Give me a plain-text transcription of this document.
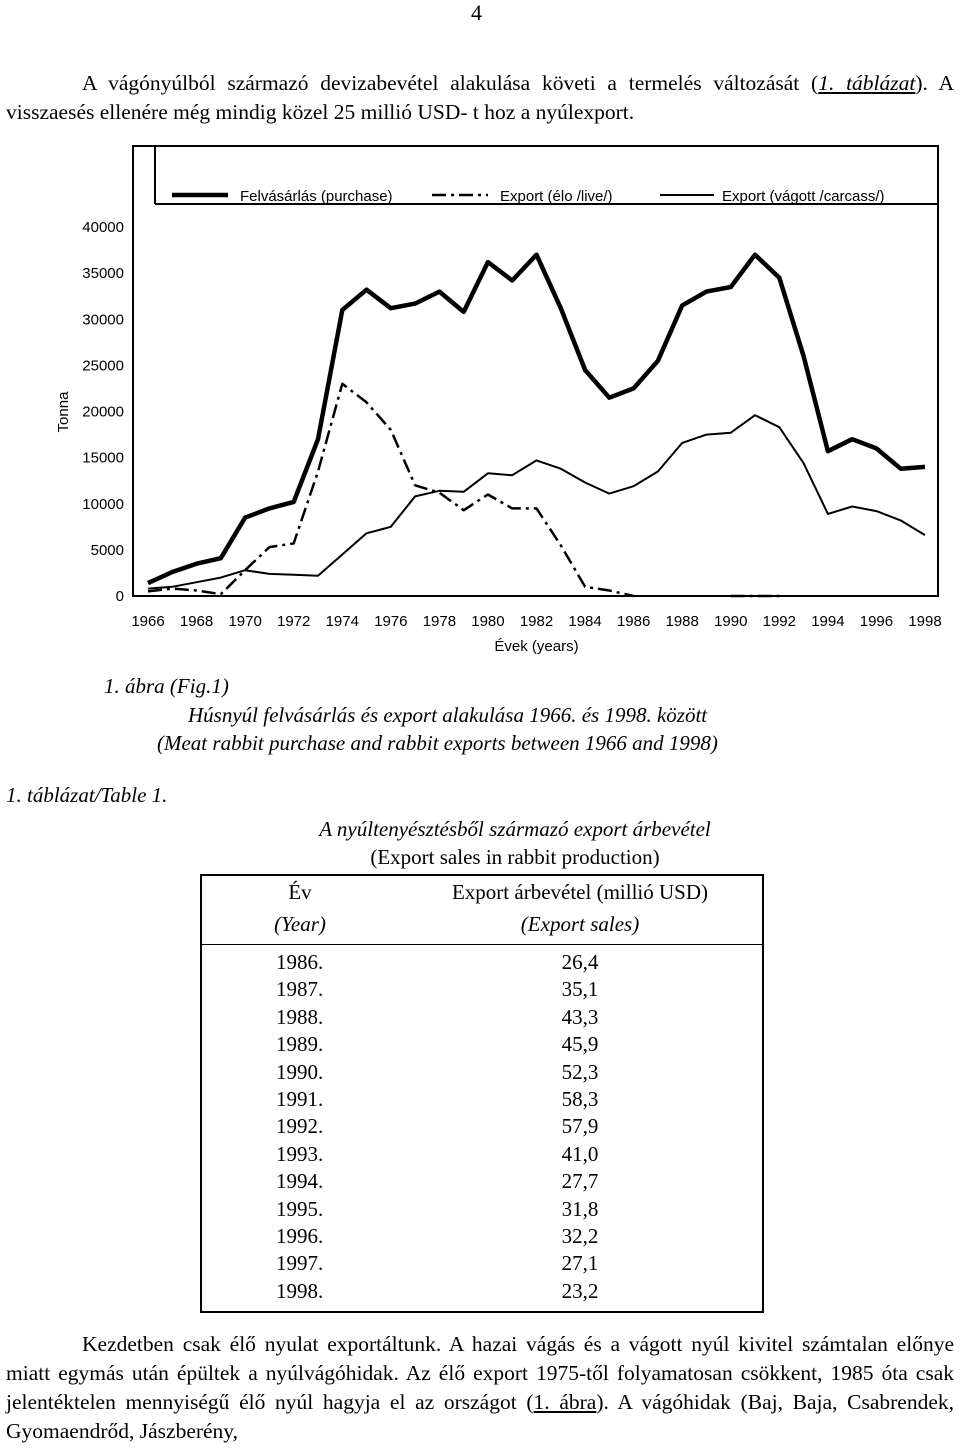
4

A vágónyúlból származó devizabevétel alakulása követi a termelés változását (1. táblázat). A visszaesés ellenére még mindig közel 25 millió USD- t hoz a nyúlexport.

0
5000
10000
15000
20000
25000
30000
35000
40000
1966 1968 1970 1972 1974 1976 1978 1980 1982 1984 1986 1988 1990 1992 1994 1996 1998
Évek (years)
Tonna
Felvásárlás (purchase)	Export (élo /live/)	Export (vágott /carcass/)
1. ábra (Fig.1)
Húsnyúl felvásárlás és export alakulása 1966. és 1998. között
(Meat rabbit purchase and rabbit exports between 1966 and 1998)
1. táblázat/Table 1.
A nyúltenyésztésből származó export árbevétel
(Export sales in rabbit production)
Év	Export árbevétel (millió USD)
(Year)	(Export sales)
1986.	26,4
1987.	35,1
1988.	43,3
1989.	45,9
1990.	52,3
1991.	58,3
1992.	57,9
1993.	41,0
1994.	27,7
1995.	31,8
1996.	32,2
1997.	27,1
1998.	23,2

Kezdetben csak élő nyulat exportáltunk. A hazai vágás és a vágott nyúl kivitel számtalan előnye miatt egymás után épültek a nyúlvágóhidak. Az élő export 1975-től folyamatosan csökkent, 1985 óta csak jelentéktelen mennyiségű élő nyúl hagyja el az országot (1. ábra). A vágóhidak (Baj, Baja, Csabrendek, Gyomaendrőd, Jászberény,
